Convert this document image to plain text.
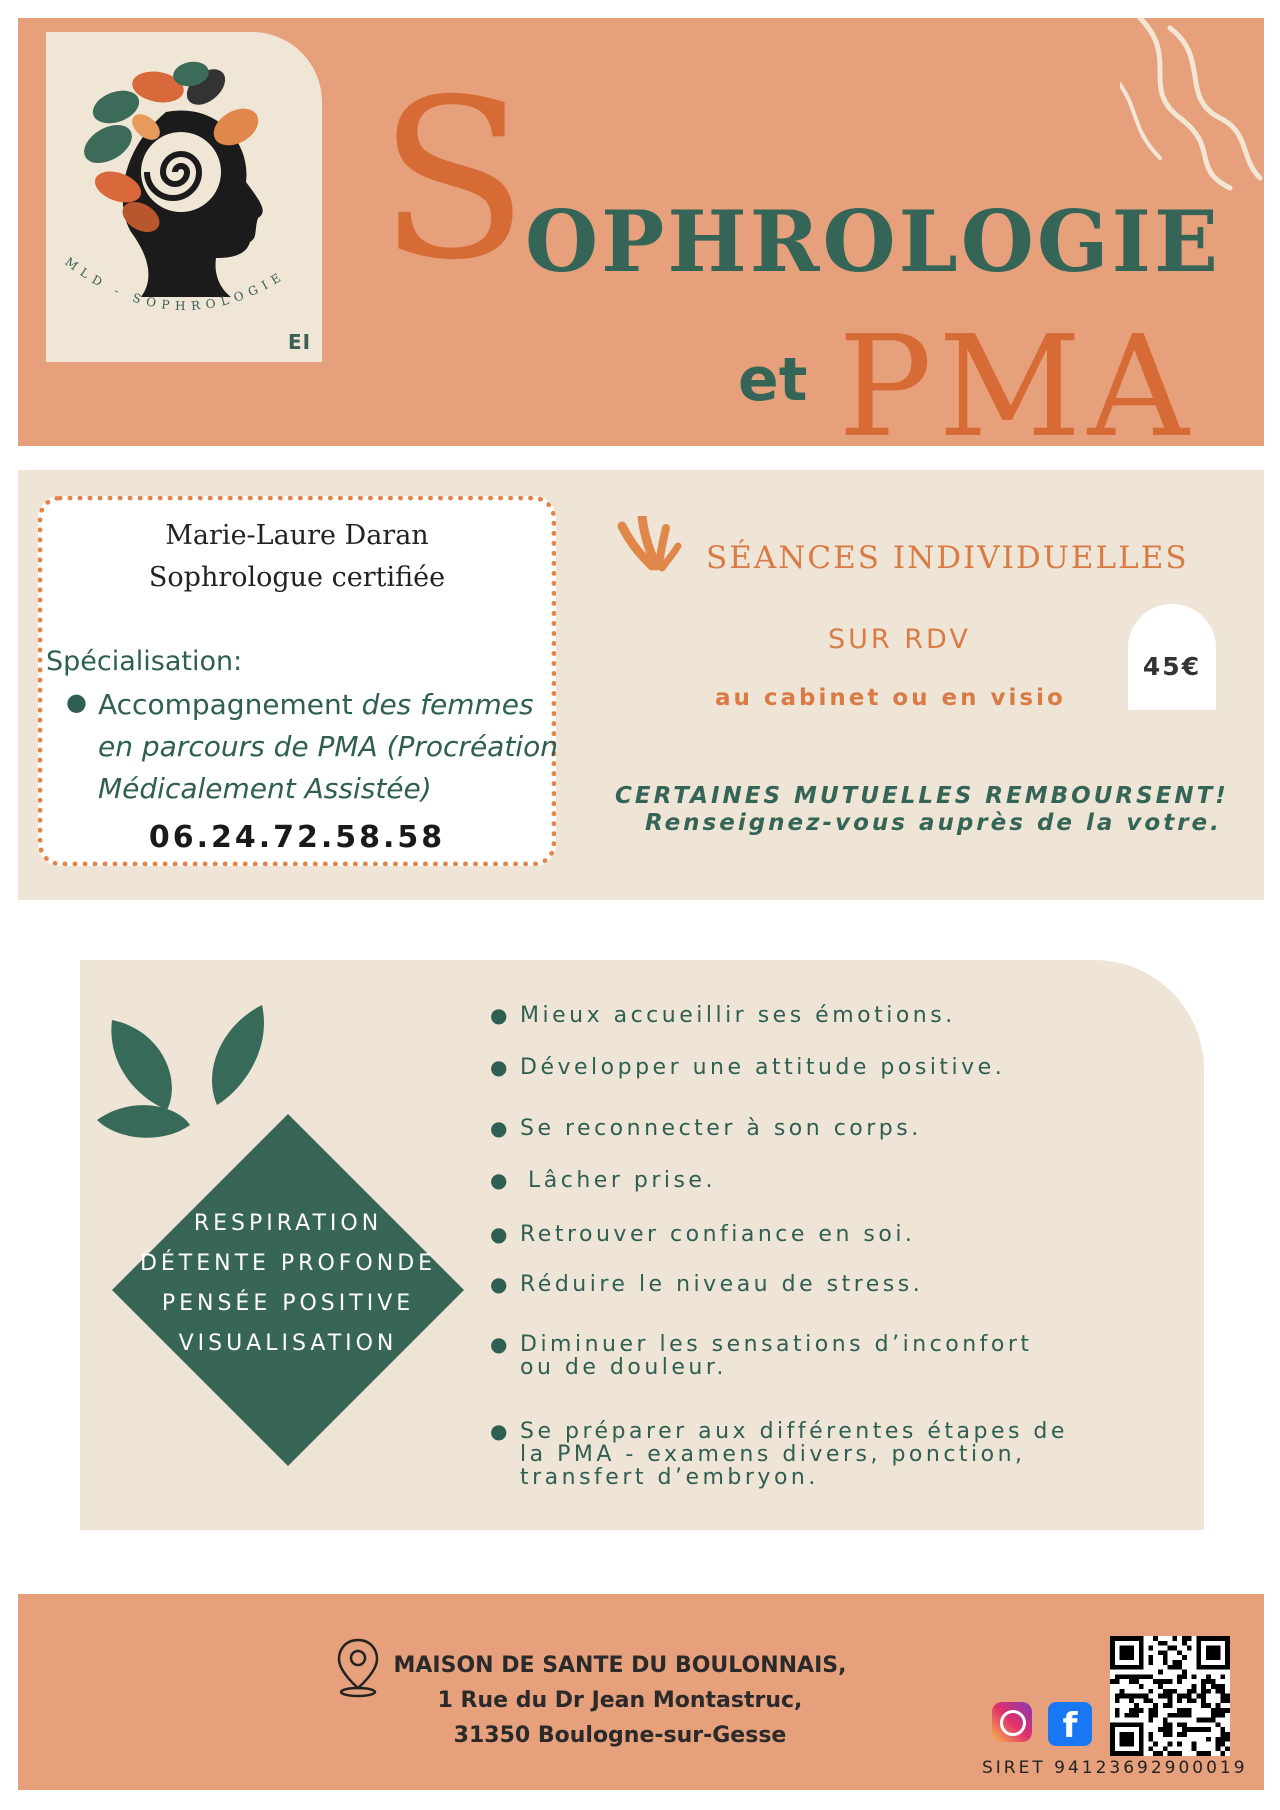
MLD - SOPHROLOGIE
EI
S
OPHROLOGIE
et PMA
Marie-Laure Daran
Sophrologue certifiée
Spécialisation:
● Accompagnement des femmes en parcours de PMA (Procréation Médicalement Assistée)
06.24.72.58.58
SÉANCES INDIVIDUELLES
SUR RDV
au cabinet ou en visio
45€
CERTAINES MUTUELLES REMBOURSENT!
Renseignez-vous auprès de la votre.
RESPIRATION
DÉTENTE PROFONDE
PENSÉE POSITIVE
VISUALISATION
● Mieux accueillir ses émotions.
● Développer une attitude positive.
● Se reconnecter à son corps.
● Lâcher prise.
● Retrouver confiance en soi.
● Réduire le niveau de stress.
● Diminuer les sensations d’inconfort ou de douleur.
● Se préparer aux différentes étapes de la PMA - examens divers, ponction, transfert d’embryon.
MAISON DE SANTE DU BOULONNAIS,
1 Rue du Dr Jean Montastruc,
31350 Boulogne-sur-Gesse	f
SIRET 94123692900019
